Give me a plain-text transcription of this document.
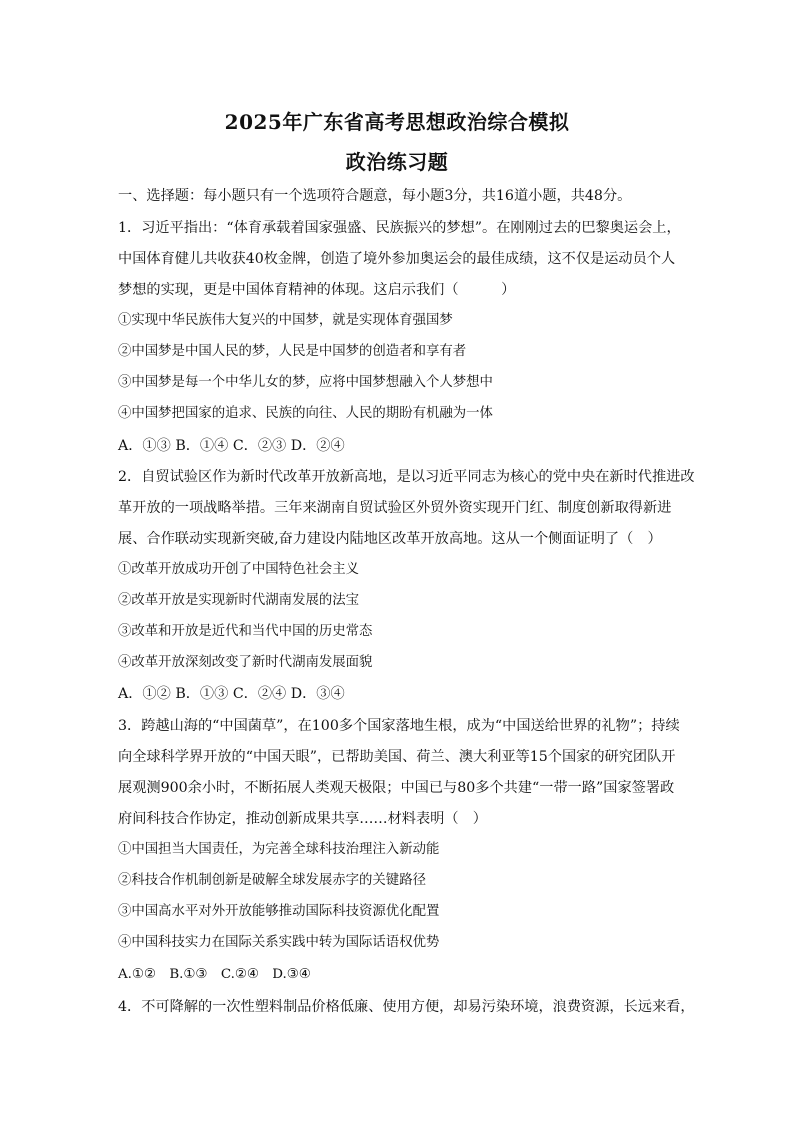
2025年广东省高考思想政治综合模拟
政治练习题
一、选择题：每小题只有一个选项符合题意，每小题3分，共16道小题，共48分。
1．习近平指出：“体育承载着国家强盛、民族振兴的梦想”。在刚刚过去的巴黎奥运会上，
中国体育健儿共收获40枚金牌，创造了境外参加奥运会的最佳成绩，这不仅是运动员个人
梦想的实现，更是中国体育精神的体现。这启示我们（　　　）
①实现中华民族伟大复兴的中国梦，就是实现体育强国梦
②中国梦是中国人民的梦，人民是中国梦的创造者和享有者
③中国梦是每一个中华儿女的梦，应将中国梦想融入个人梦想中
④中国梦把国家的追求、民族的向往、人民的期盼有机融为一体
A．①③ B．①④ C．②③ D．②④
2．自贸试验区作为新时代改革开放新高地，是以习近平同志为核心的党中央在新时代推进改
革开放的一项战略举措。三年来湖南自贸试验区外贸外资实现开门红、制度创新取得新进
展、合作联动实现新突破,奋力建设内陆地区改革开放高地。这从一个侧面证明了（　）
①改革开放成功开创了中国特色社会主义
②改革开放是实现新时代湖南发展的法宝
③改革和开放是近代和当代中国的历史常态
④改革开放深刻改变了新时代湖南发展面貌
A．①② B．①③ C．②④ D．③④
3．跨越山海的“中国菌草”，在100多个国家落地生根，成为“中国送给世界的礼物”；持续
向全球科学界开放的“中国天眼”，已帮助美国、荷兰、澳大利亚等15个国家的研究团队开
展观测900余小时，不断拓展人类观天极限；中国已与80多个共建“一带一路”国家签署政
府间科技合作协定，推动创新成果共享……材料表明（　）
①中国担当大国责任，为完善全球科技治理注入新动能
②科技合作机制创新是破解全球发展赤字的关键路径
③中国高水平对外开放能够推动国际科技资源优化配置
④中国科技实力在国际关系实践中转为国际话语权优势
A.①②　B.①③　C.②④　D.③④
4．不可降解的一次性塑料制品价格低廉、使用方便，却易污染环境，浪费资源，长远来看，
